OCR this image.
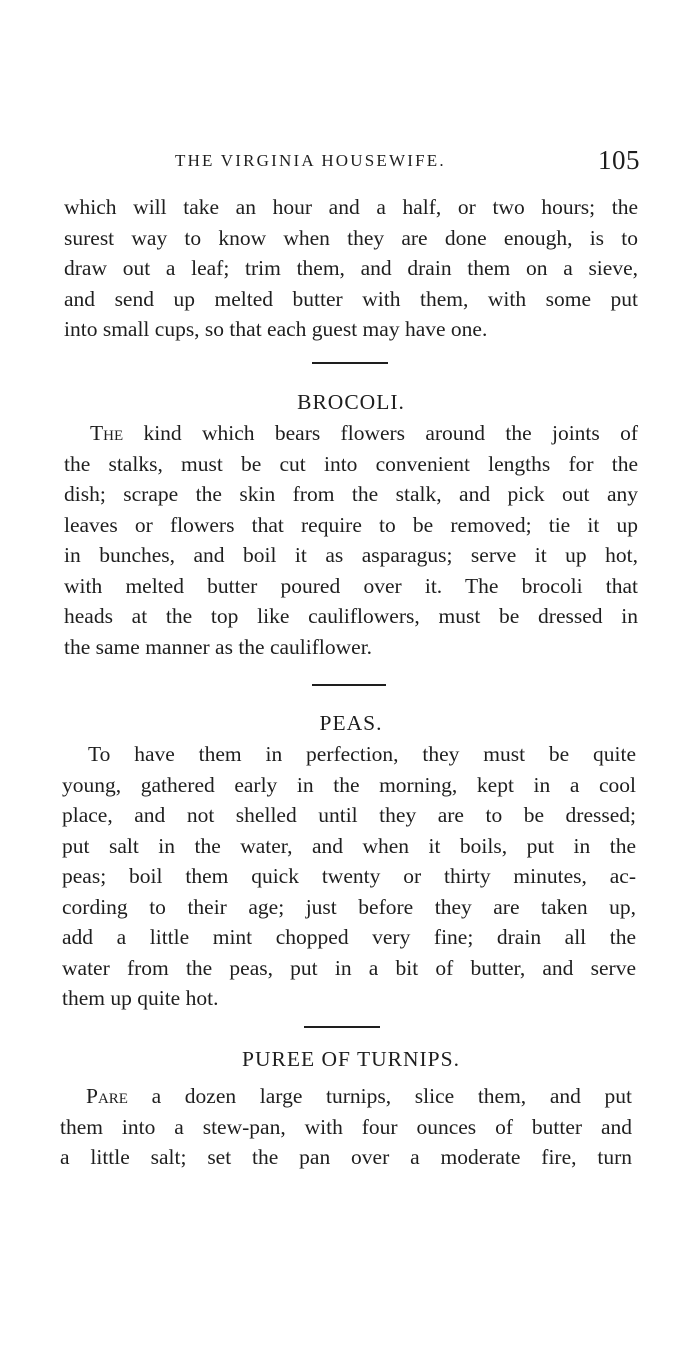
THE VIRGINIA HOUSEWIFE.	105
which will take an hour and a half, or two hours; the
surest way to know when they are done enough, is to
draw out a leaf; trim them, and drain them on a sieve,
and send up melted butter with them, with some put
into small cups, so that each guest may have one.
BROCOLI.
The kind which bears flowers around the joints of
the stalks, must be cut into convenient lengths for the
dish; scrape the skin from the stalk, and pick out any
leaves or flowers that require to be removed; tie it up
in bunches, and boil it as asparagus; serve it up hot,
with melted butter poured over it. The brocoli that
heads at the top like cauliflowers, must be dressed in
the same manner as the cauliflower.
PEAS.
To have them in perfection, they must be quite
young, gathered early in the morning, kept in a cool
place, and not shelled until they are to be dressed;
put salt in the water, and when it boils, put in the
peas; boil them quick twenty or thirty minutes, ac-
cording to their age; just before they are taken up,
add a little mint chopped very fine; drain all the
water from the peas, put in a bit of butter, and serve
them up quite hot.
PUREE OF TURNIPS.
Pare a dozen large turnips, slice them, and put
them into a stew-pan, with four ounces of butter and
a little salt; set the pan over a moderate fire, turn
